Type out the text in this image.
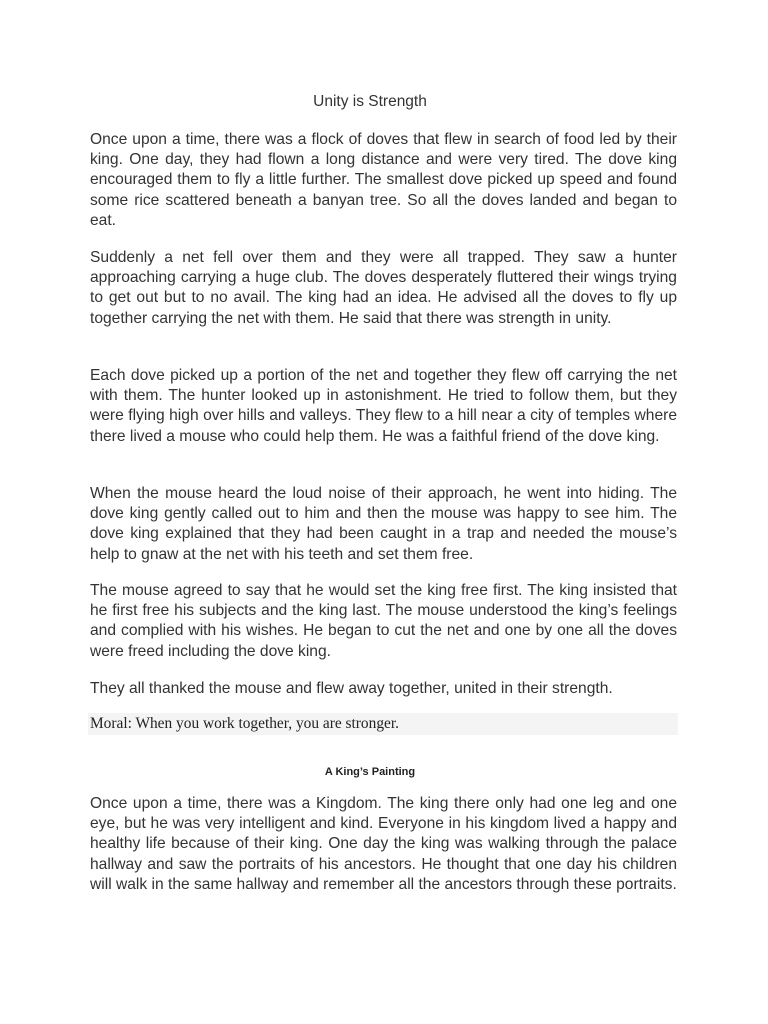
Unity is Strength

Once upon a time, there was a flock of doves that flew in search of food led by their king. One day, they had flown a long distance and were very tired. The dove king encouraged them to fly a little further. The smallest dove picked up speed and found some rice scattered beneath a banyan tree. So all the doves landed and began to eat.

Suddenly a net fell over them and they were all trapped. They saw a hunter approaching carrying a huge club. The doves desperately fluttered their wings trying to get out but to no avail. The king had an idea. He advised all the doves to fly up together carrying the net with them. He said that there was strength in unity.

Each dove picked up a portion of the net and together they flew off carrying the net with them. The hunter looked up in astonishment. He tried to follow them, but they were flying high over hills and valleys. They flew to a hill near a city of temples where there lived a mouse who could help them. He was a faithful friend of the dove king.

When the mouse heard the loud noise of their approach, he went into hiding. The dove king gently called out to him and then the mouse was happy to see him. The dove king explained that they had been caught in a trap and needed the mouse’s help to gnaw at the net with his teeth and set them free.

The mouse agreed to say that he would set the king free first. The king insisted that he first free his subjects and the king last. The mouse understood the king’s feelings and complied with his wishes. He began to cut the net and one by one all the doves were freed including the dove king.

They all thanked the mouse and flew away together, united in their strength.

Moral: When you work together, you are stronger.

A King’s Painting

Once upon a time, there was a Kingdom. The king there only had one leg and one eye, but he was very intelligent and kind. Everyone in his kingdom lived a happy and healthy life because of their king. One day the king was walking through the palace hallway and saw the portraits of his ancestors. He thought that one day his children will walk in the same hallway and remember all the ancestors through these portraits.
